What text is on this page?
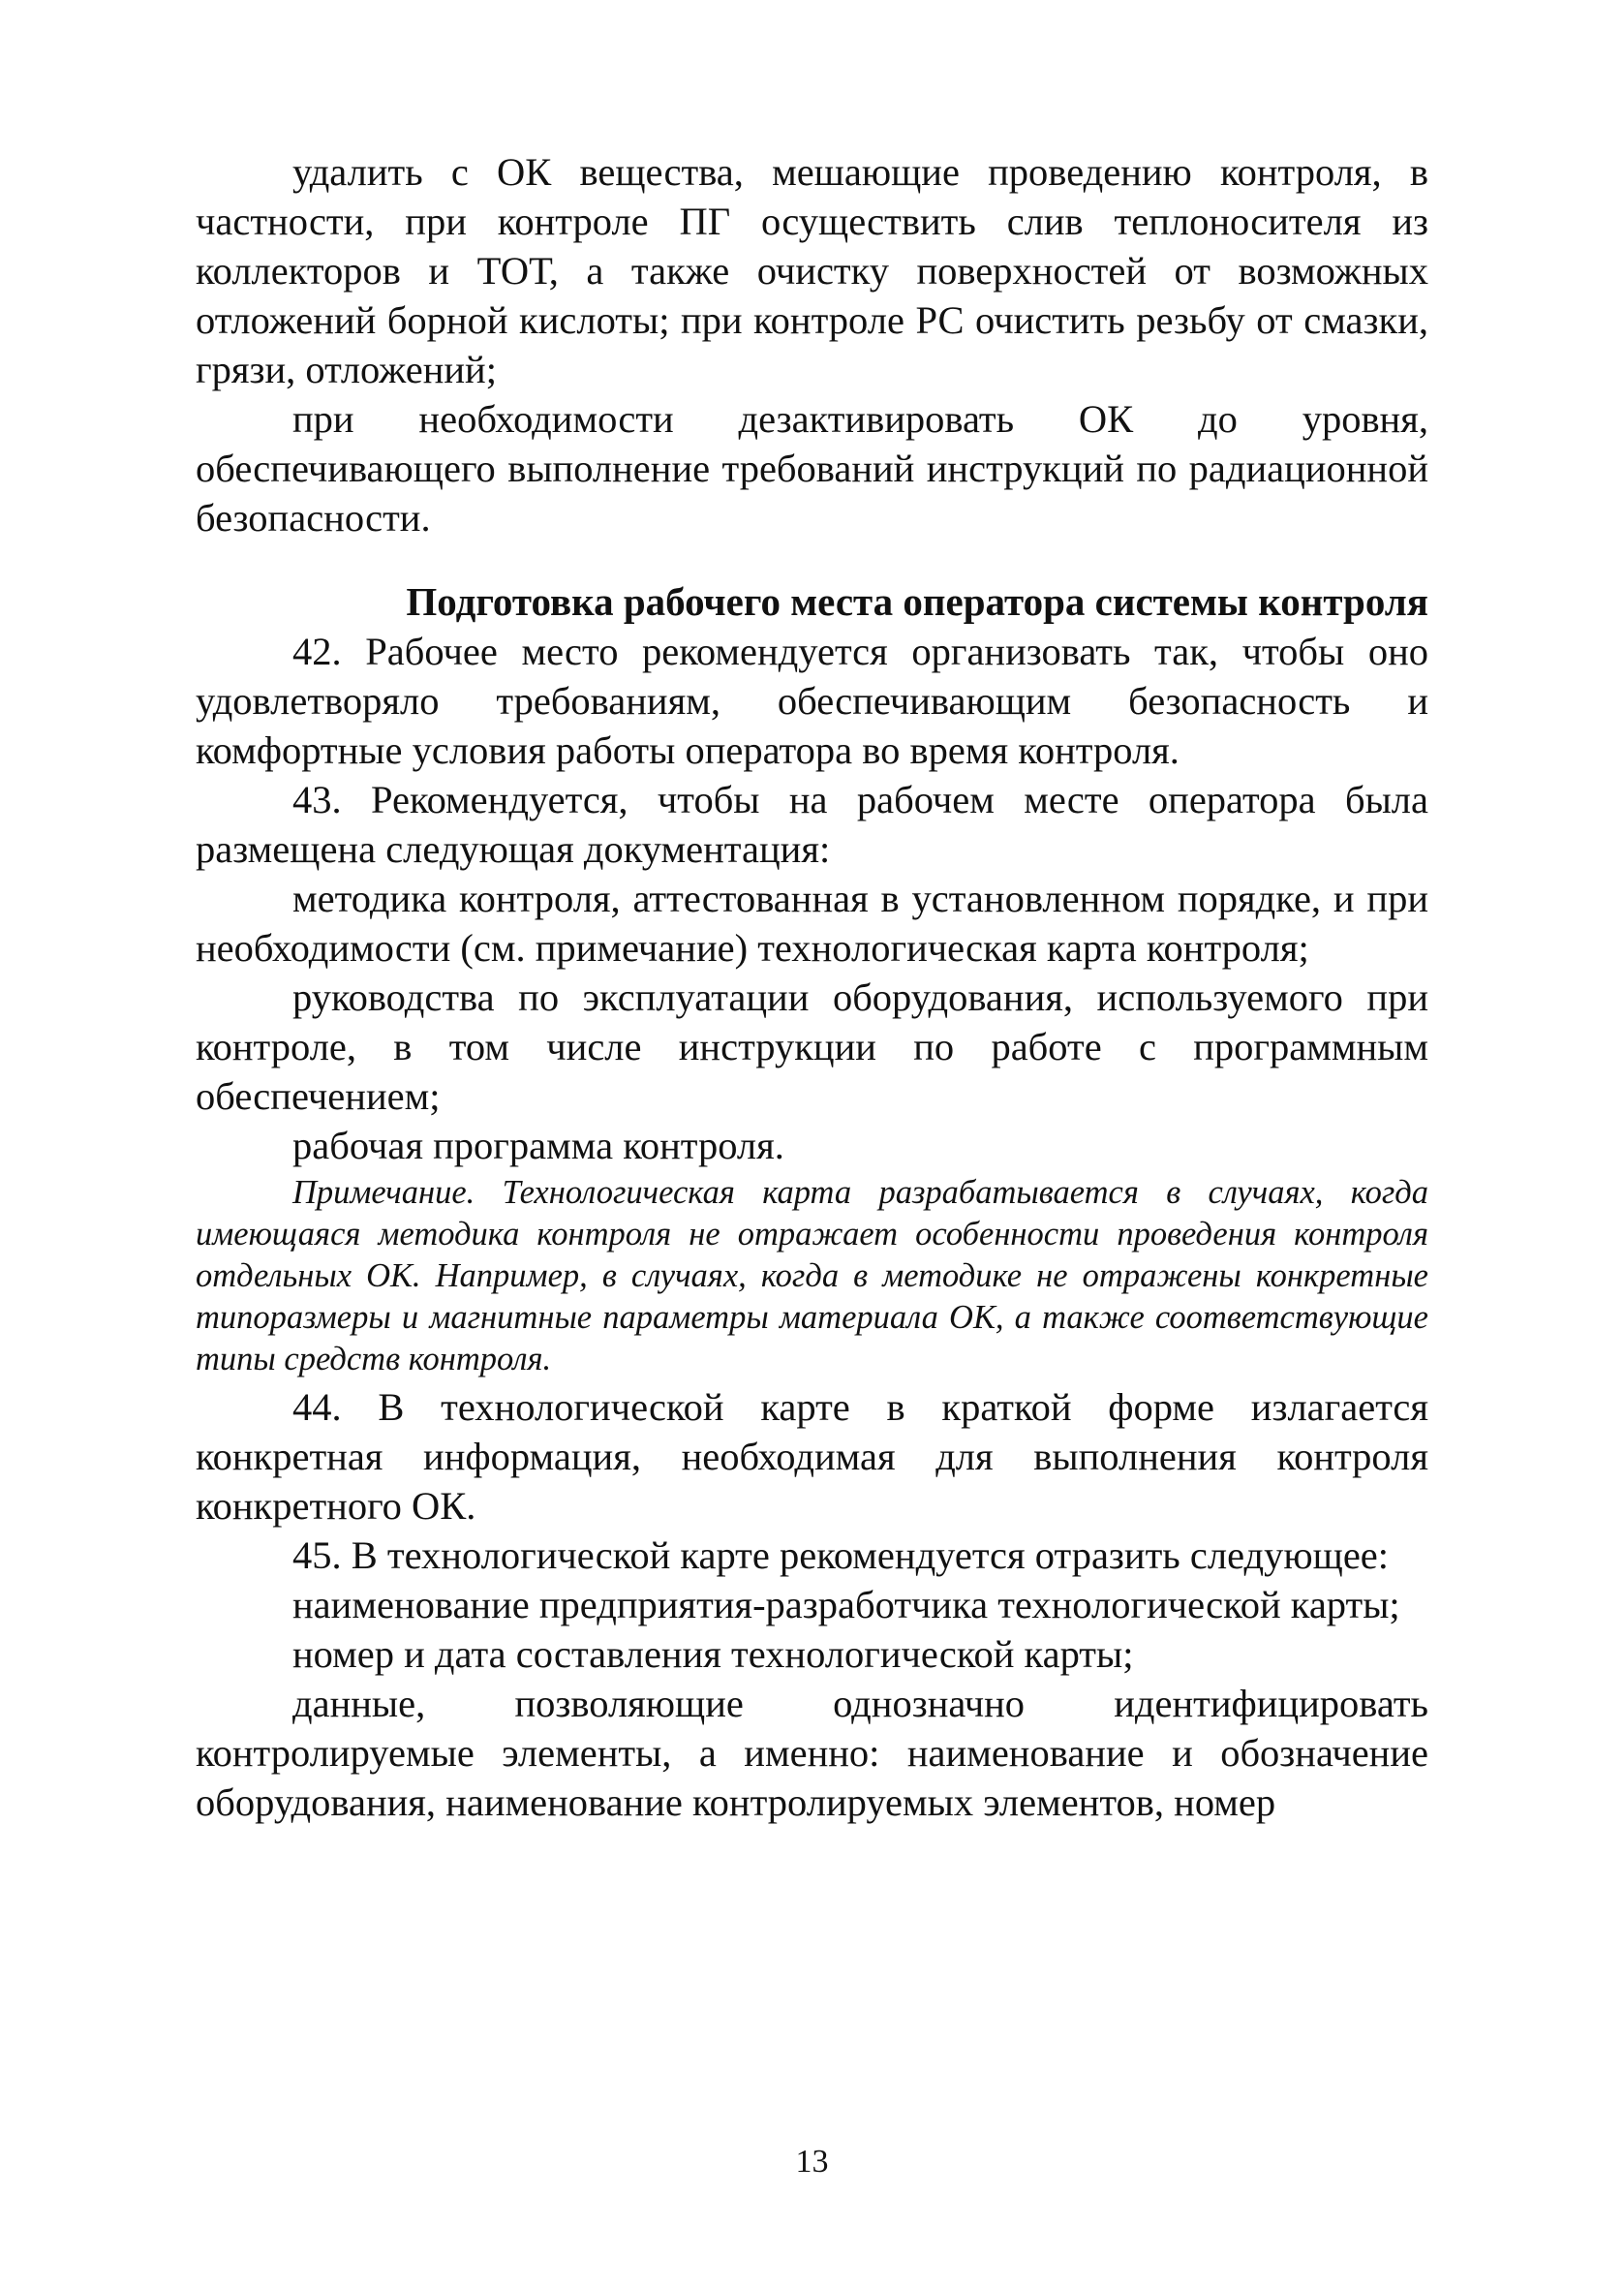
удалить с ОК вещества, мешающие проведению контроля, в частности, при контроле ПГ осуществить слив теплоносителя из коллекторов и ТОТ, а также очистку поверхностей от возможных отложений борной кислоты; при контроле РС очистить резьбу от смазки, грязи, отложений;

при необходимости дезактивировать ОК до уровня, обеспечивающего выполнение требований инструкций по радиационной безопасности.

Подготовка рабочего места оператора системы контроля

42. Рабочее место рекомендуется организовать так, чтобы оно удовлетворяло требованиям, обеспечивающим безопасность и комфортные условия работы оператора во время контроля.

43. Рекомендуется, чтобы на рабочем месте оператора была размещена следующая документация:

методика контроля, аттестованная в установленном порядке, и при необходимости (см. примечание) технологическая карта контроля;

руководства по эксплуатации оборудования, используемого при контроле, в том числе инструкции по работе с программным обеспечением;

рабочая программа контроля.

Примечание. Технологическая карта разрабатывается в случаях, когда имеющаяся методика контроля не отражает особенности проведения контроля отдельных ОК. Например, в случаях, когда в методике не отражены конкретные типоразмеры и магнитные параметры материала ОК, а также соответствующие типы средств контроля.

44. В технологической карте в краткой форме излагается конкретная информация, необходимая для выполнения контроля конкретного ОК.

45. В технологической карте рекомендуется отразить следующее:

наименование предприятия-разработчика технологической карты;

номер и дата составления технологической карты;

данные, позволяющие однозначно идентифицировать контролируемые элементы, а именно: наименование и обозначение оборудования, наименование контролируемых элементов, номер

13
